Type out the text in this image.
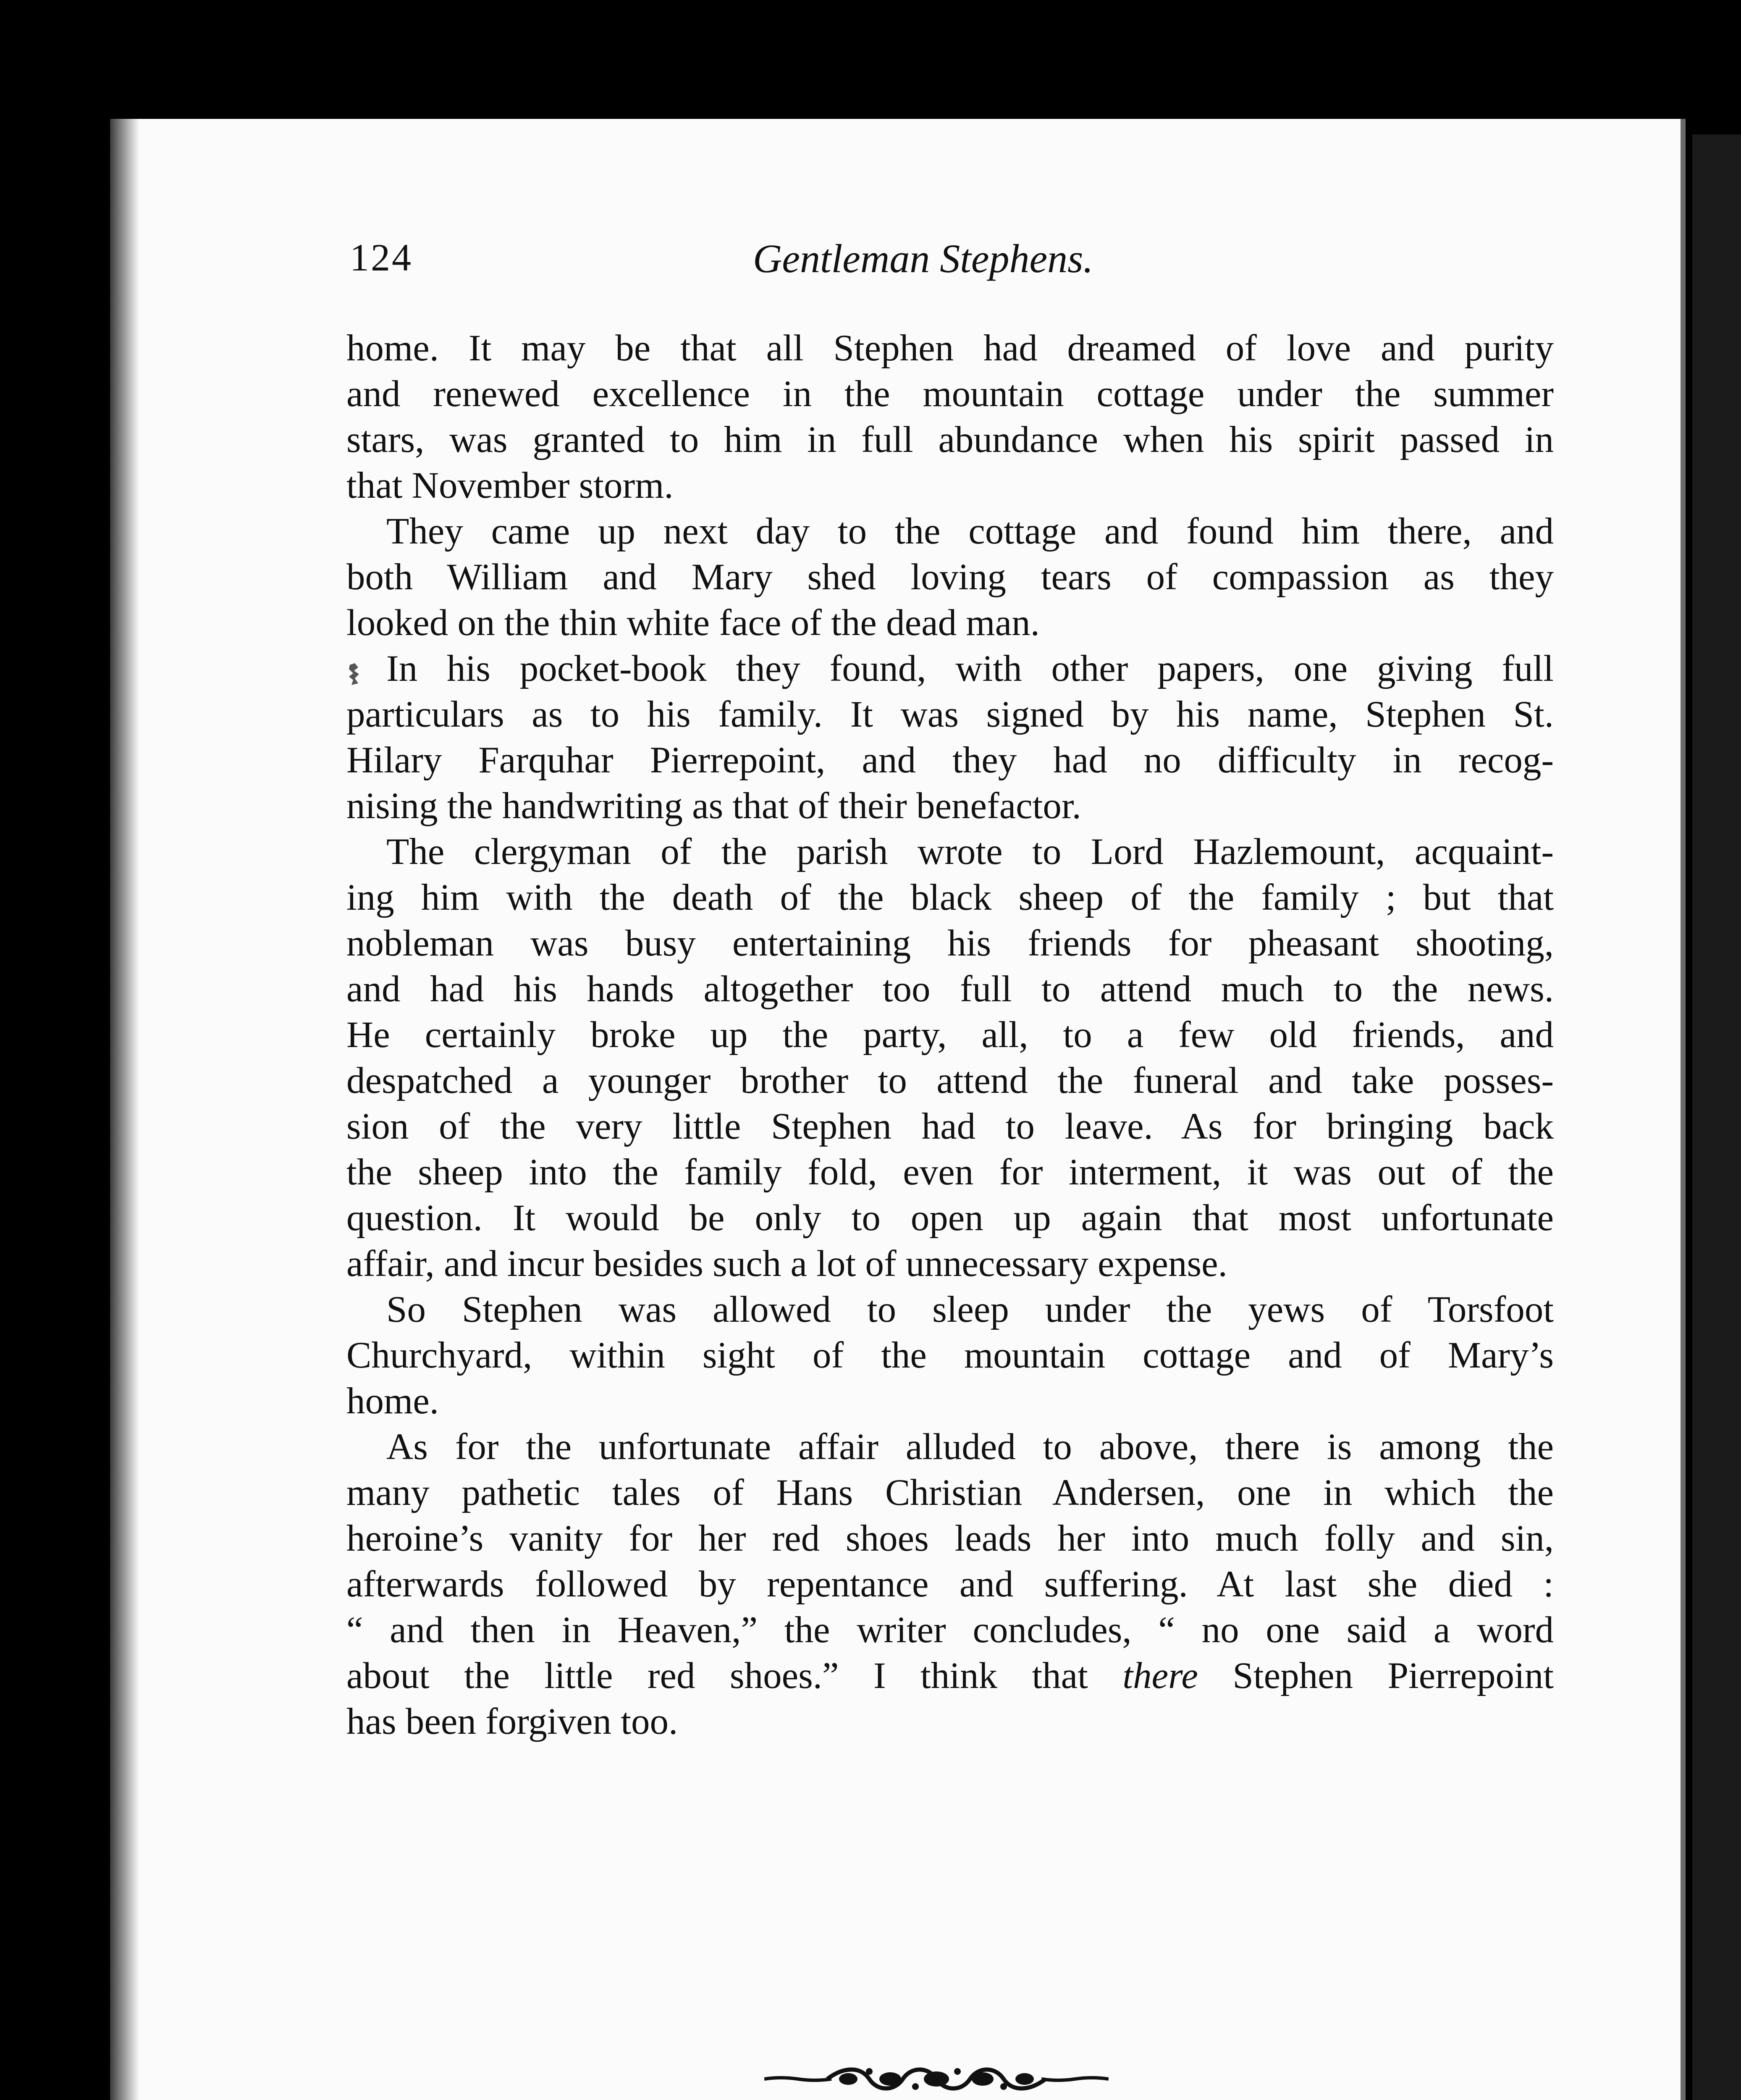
124	Gentleman Stephens.
home. It may be that all Stephen had dreamed of love and purity
and renewed excellence in the mountain cottage under the summer
stars, was granted to him in full abundance when his spirit passed in
that November storm.
They came up next day to the cottage and found him there, and
both William and Mary shed loving tears of compassion as they
looked on the thin white face of the dead man.
In his pocket-book they found, with other papers, one giving full
particulars as to his family. It was signed by his name, Stephen St.
Hilary Farquhar Pierrepoint, and they had no difficulty in recog-
nising the handwriting as that of their benefactor.
The clergyman of the parish wrote to Lord Hazlemount, acquaint-
ing him with the death of the black sheep of the family ; but that
nobleman was busy entertaining his friends for pheasant shooting,
and had his hands altogether too full to attend much to the news.
He certainly broke up the party, all, to a few old friends, and
despatched a younger brother to attend the funeral and take posses-
sion of the very little Stephen had to leave. As for bringing back
the sheep into the family fold, even for interment, it was out of the
question. It would be only to open up again that most unfortunate
affair, and incur besides such a lot of unnecessary expense.
So Stephen was allowed to sleep under the yews of Torsfoot
Churchyard, within sight of the mountain cottage and of Mary’s
home.
As for the unfortunate affair alluded to above, there is among the
many pathetic tales of Hans Christian Andersen, one in which the
heroine’s vanity for her red shoes leads her into much folly and sin,
afterwards followed by repentance and suffering. At last she died :
“ and then in Heaven,” the writer concludes, “ no one said a word
about the little red shoes.” I think that there Stephen Pierrepoint
has been forgiven too.
